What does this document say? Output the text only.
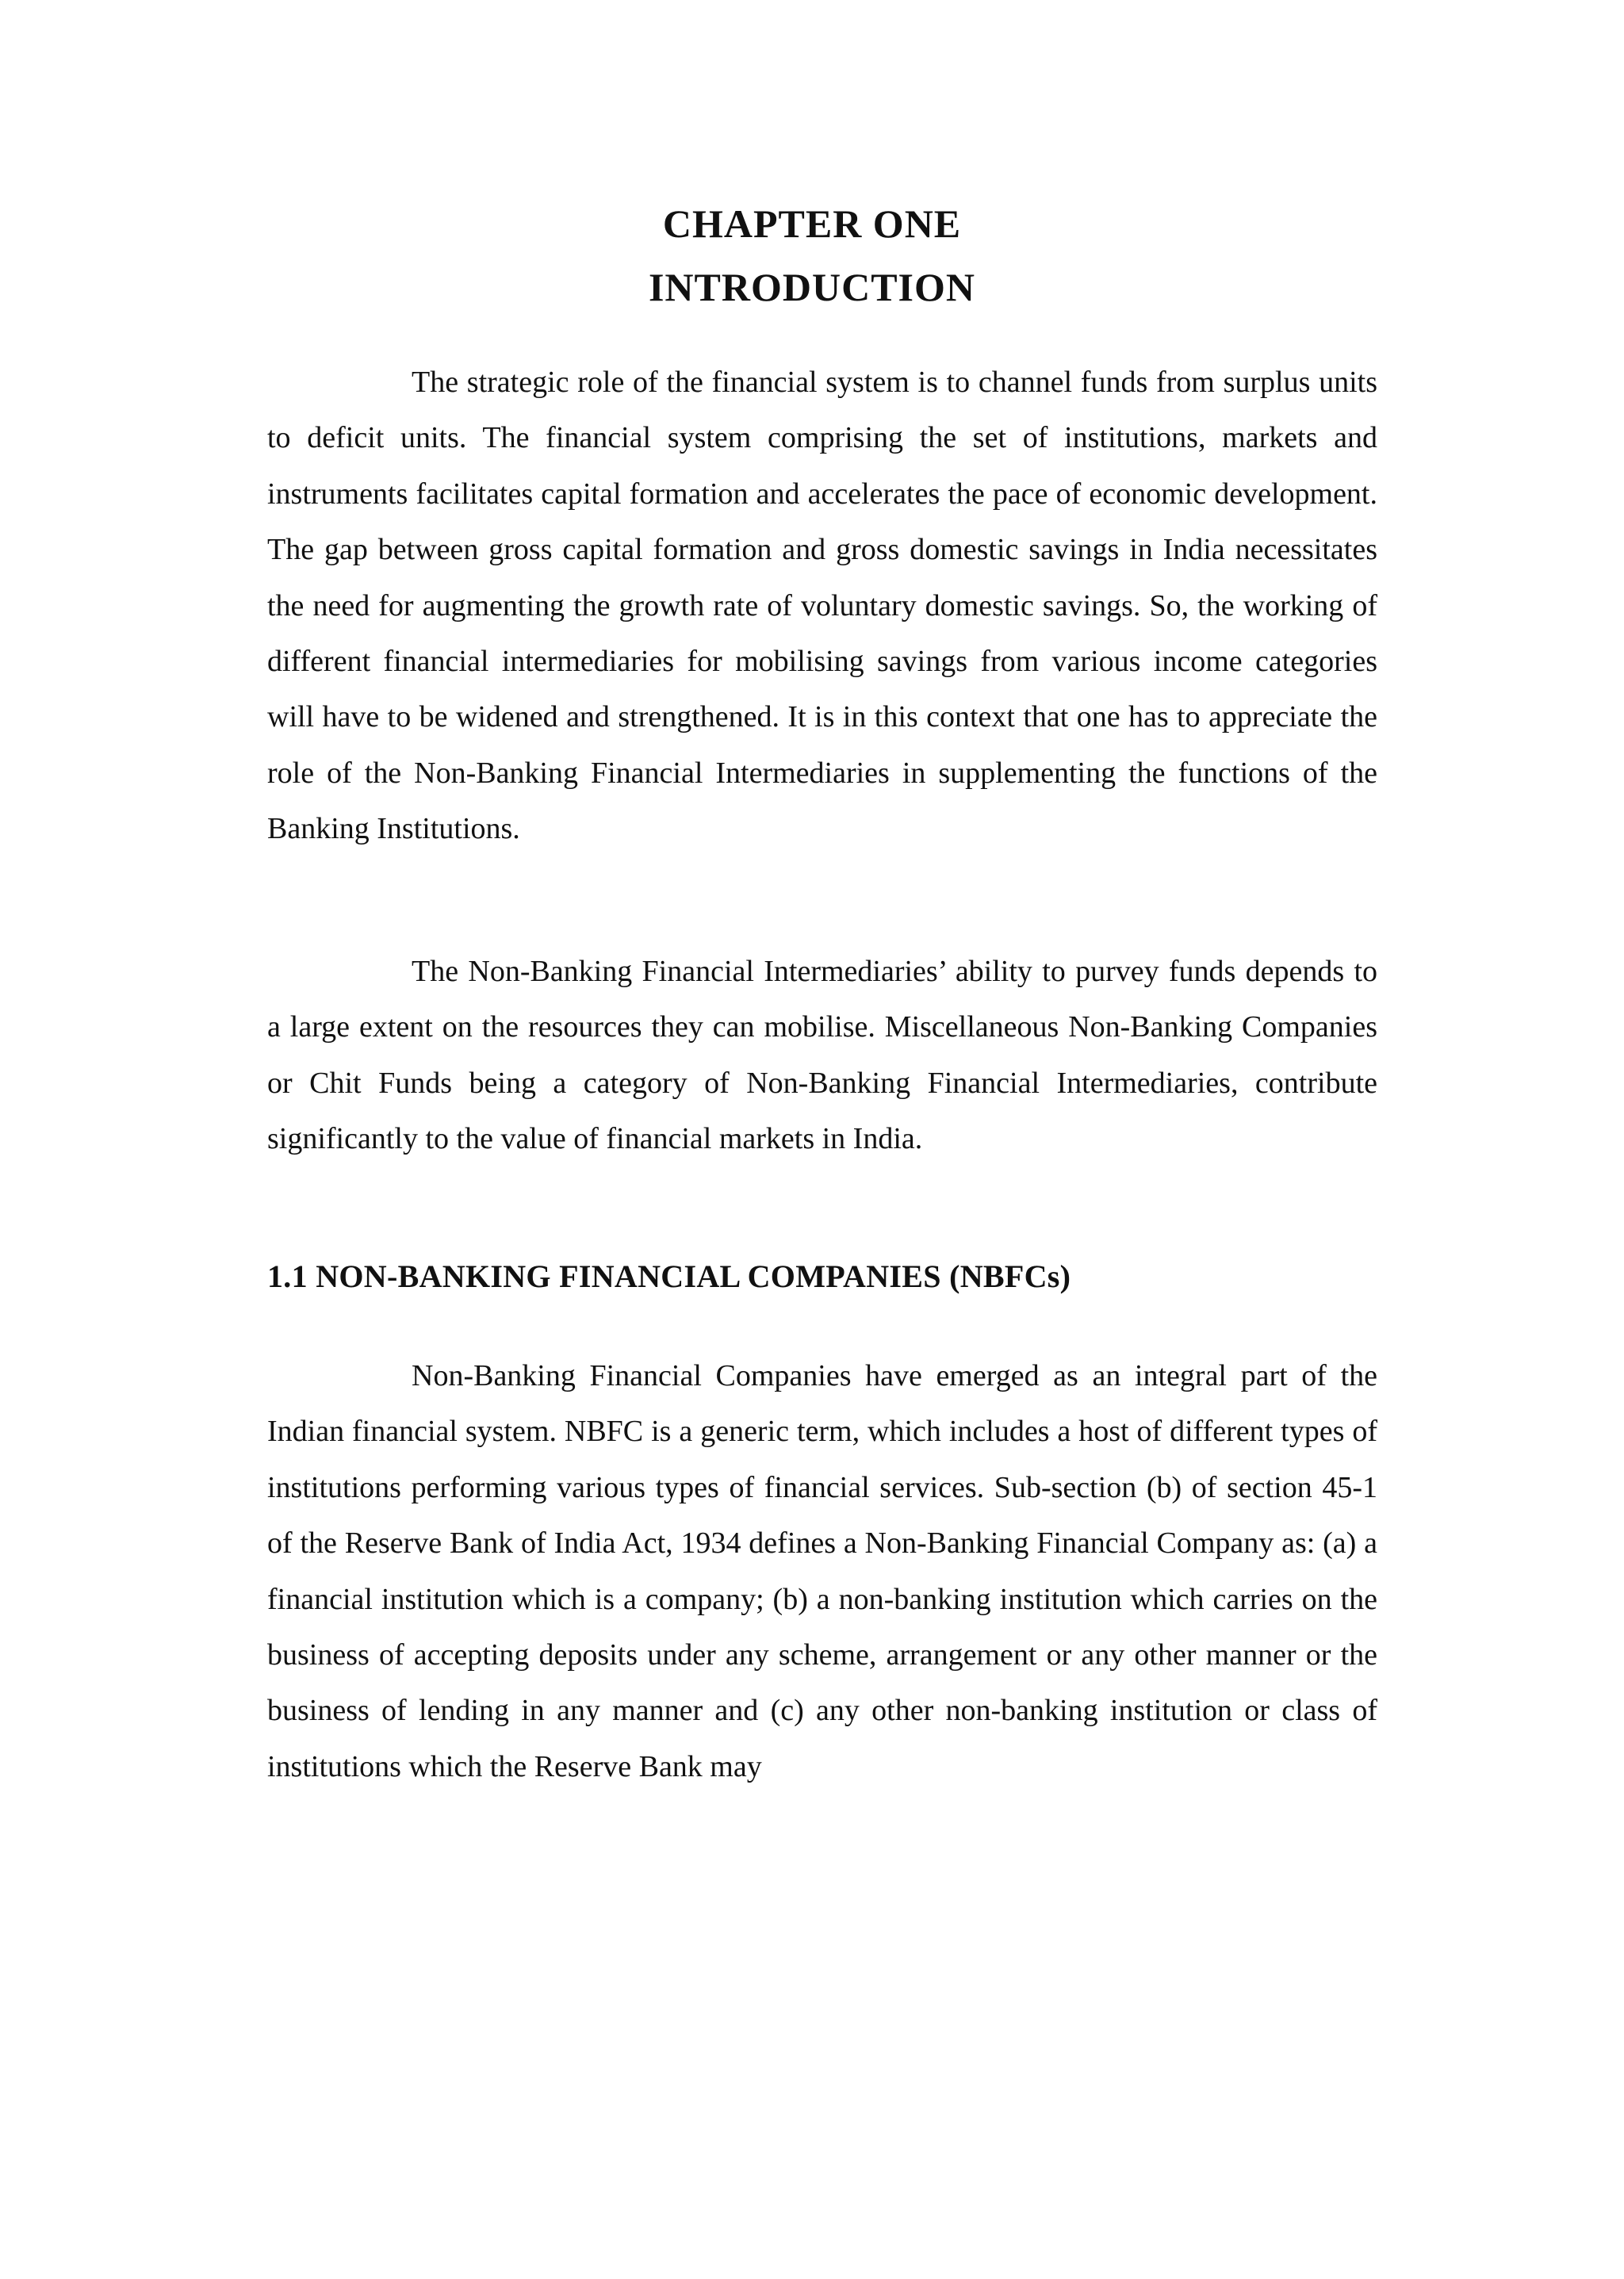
CHAPTER ONE
INTRODUCTION

The strategic role of the financial system is to channel funds from surplus units to deficit units. The financial system comprising the set of institutions, markets and instruments facilitates capital formation and accelerates the pace of economic development. The gap between gross capital formation and gross domestic savings in India necessitates the need for augmenting the growth rate of voluntary domestic savings. So, the working of different financial intermediaries for mobilising savings from various income categories will have to be widened and strengthened. It is in this context that one has to appreciate the role of the Non-Banking Financial Intermediaries in supplementing the functions of the Banking Institutions.

The Non-Banking Financial Intermediaries’ ability to purvey funds depends to a large extent on the resources they can mobilise. Miscellaneous Non-Banking Companies or Chit Funds being a category of Non-Banking Financial Intermediaries, contribute significantly to the value of financial markets in India.

1.1 NON-BANKING FINANCIAL COMPANIES (NBFCs)

Non-Banking Financial Companies have emerged as an integral part of the Indian financial system. NBFC is a generic term, which includes a host of different types of institutions performing various types of financial services. Sub-section (b) of section 45-1 of the Reserve Bank of India Act, 1934 defines a Non-Banking Financial Company as: (a) a financial institution which is a company; (b) a non-banking institution which carries on the business of accepting deposits under any scheme, arrangement or any other manner or the business of lending in any manner and (c) any other non-banking institution or class of institutions which the Reserve Bank may
